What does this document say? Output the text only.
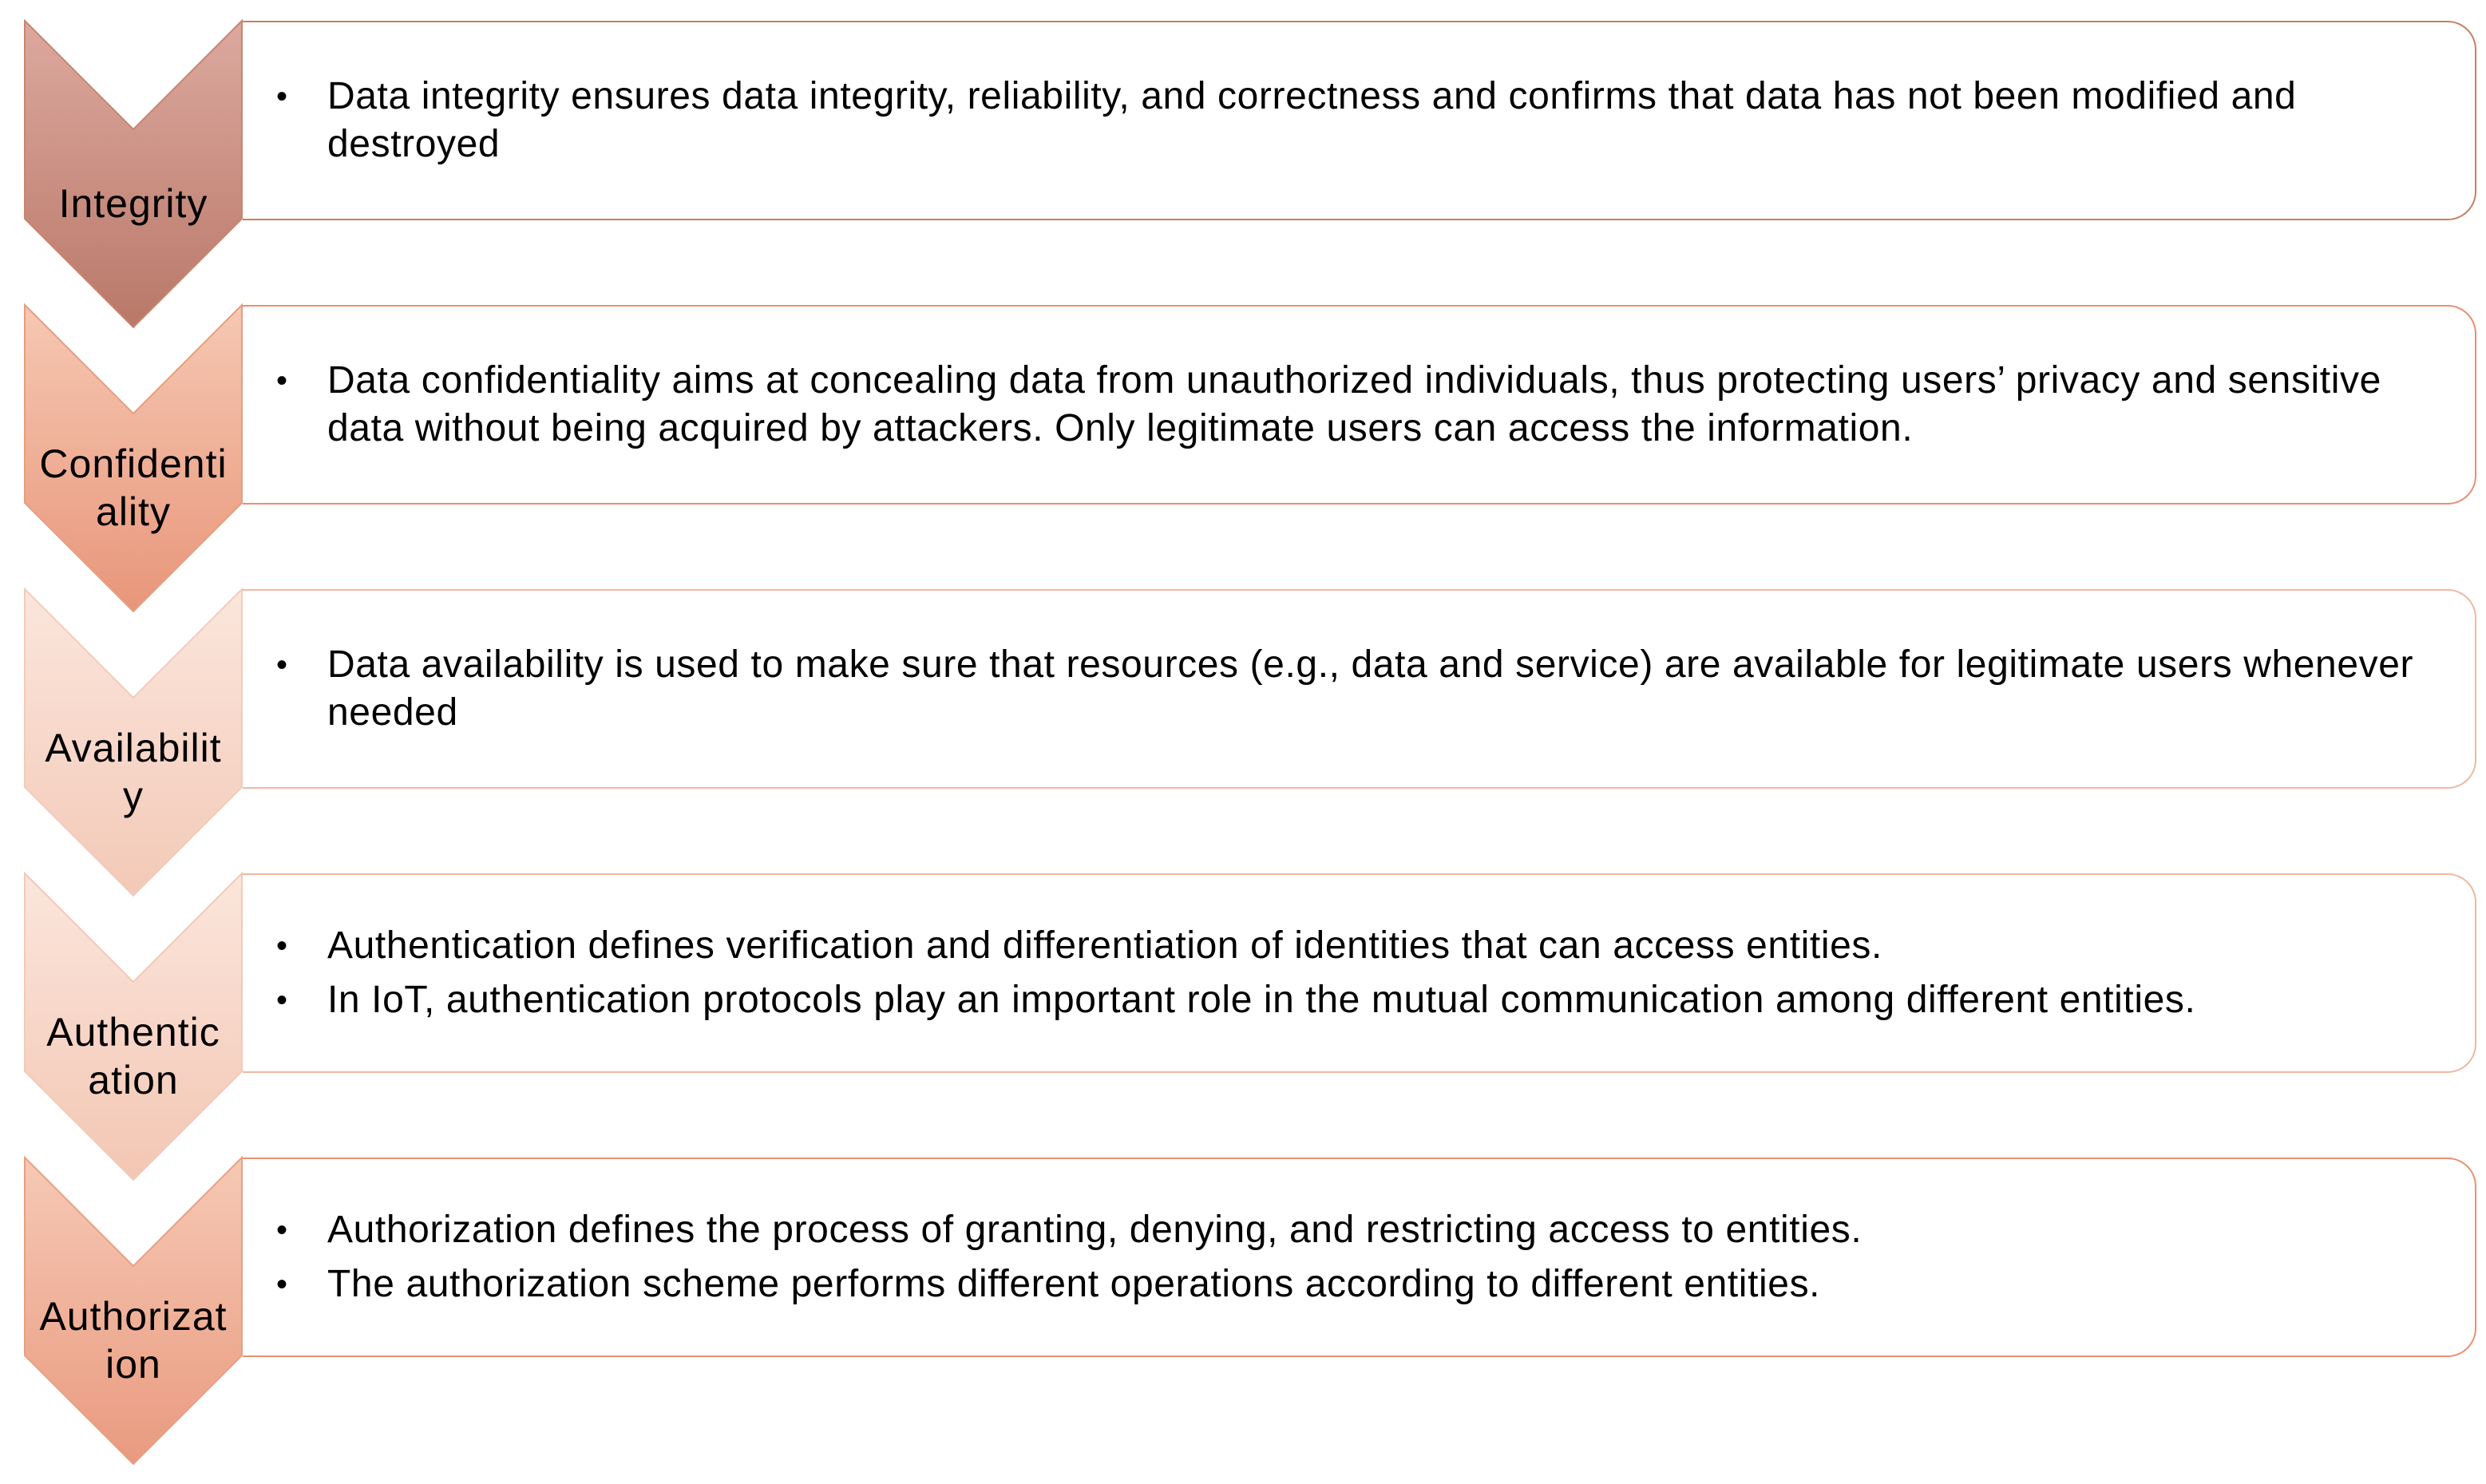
Integrity
• Data integrity ensures data integrity, reliability, and correctness and confirms that data has not been modified and destroyed
Confidenti
ality
• Data confidentiality aims at concealing data from unauthorized individuals, thus protecting users’ privacy and sensitive data without being acquired by attackers. Only legitimate users can access the information.
Availabilit
y
• Data availability is used to make sure that resources (e.g., data and service) are available for legitimate users whenever needed
Authentic
ation
• Authentication defines verification and differentiation of identities that can access entities.
• In IoT, authentication protocols play an important role in the mutual communication among different entities.
Authorizat
ion
• Authorization defines the process of granting, denying, and restricting access to entities.
• The authorization scheme performs different operations according to different entities.
